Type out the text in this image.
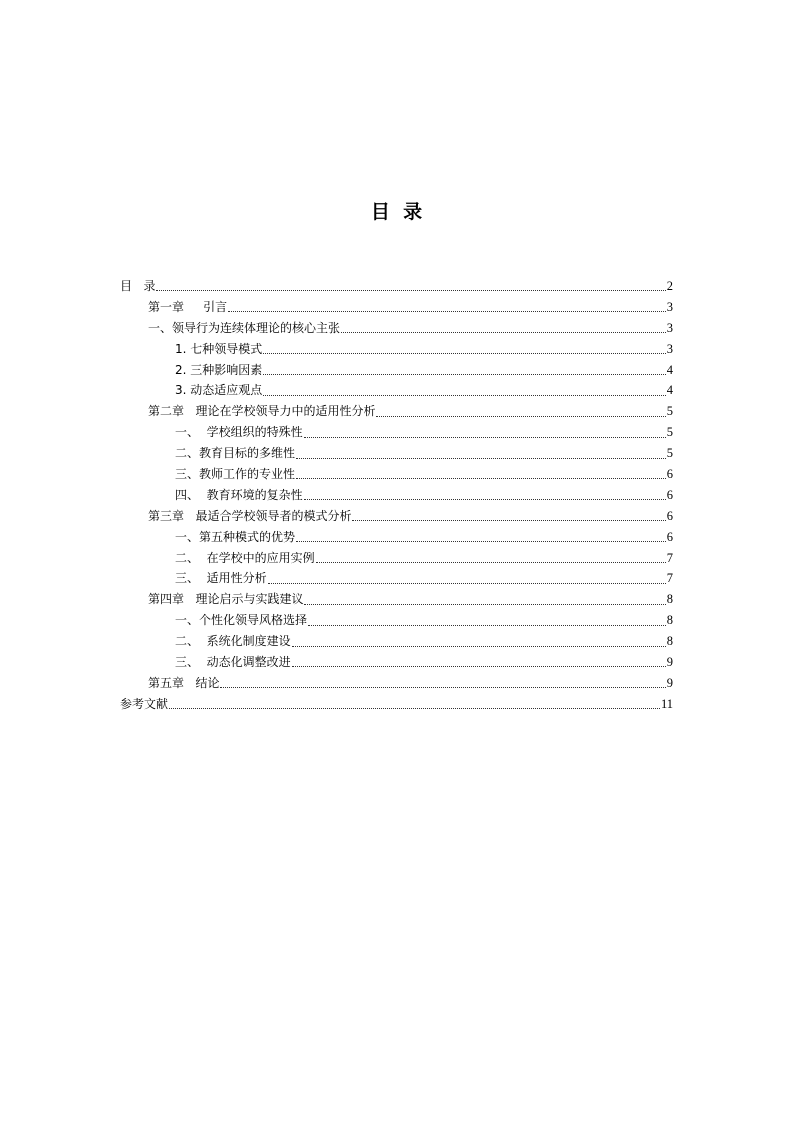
目  录
目   录	2
第一章     引言	3
一、领导行为连续体理论的核心主张	3
1. 七种领导模式	3
2. 三种影响因素	4
3. 动态适应观点	4
第二章   理论在学校领导力中的适用性分析	5
一、  学校组织的特殊性	5
二、教育目标的多维性	5
三、教师工作的专业性	6
四、  教育环境的复杂性	6
第三章   最适合学校领导者的模式分析	6
一、第五种模式的优势	6
二、  在学校中的应用实例	7
三、  适用性分析	7
第四章   理论启示与实践建议	8
一、个性化领导风格选择	8
二、  系统化制度建设	8
三、  动态化调整改进	9
第五章   结论	9
参考文献	11
